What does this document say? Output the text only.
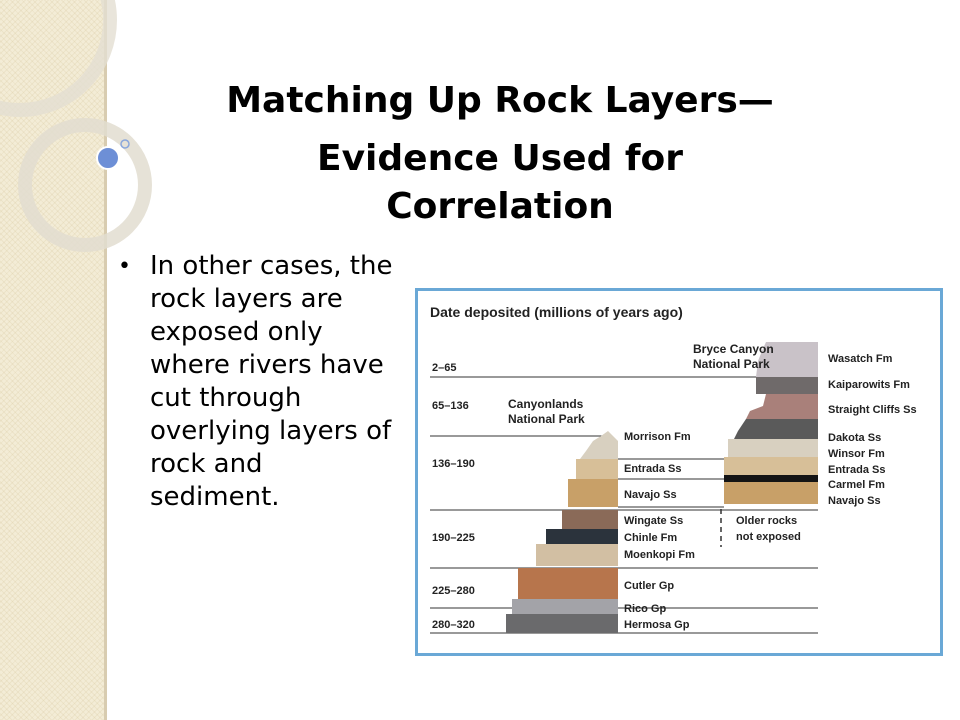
Matching Up Rock Layers—
Evidence Used for
Correlation
• In other cases, the rock layers are exposed only where rivers have cut through overlying layers of rock and sediment.
Date deposited (millions of years ago)
2–65
65–136
136–190
190–225
225–280
280–320
Canyonlands
National Park
Bryce Canyon
National Park
Morrison Fm
Entrada Ss
Navajo Ss
Wingate Ss
Chinle Fm
Moenkopi Fm
Cutler Gp
Rico Gp
Hermosa Gp
Wasatch Fm
Kaiparowits Fm
Straight Cliffs Ss
Dakota Ss
Winsor Fm
Entrada Ss
Carmel Fm
Navajo Ss
Older rocks
not exposed
